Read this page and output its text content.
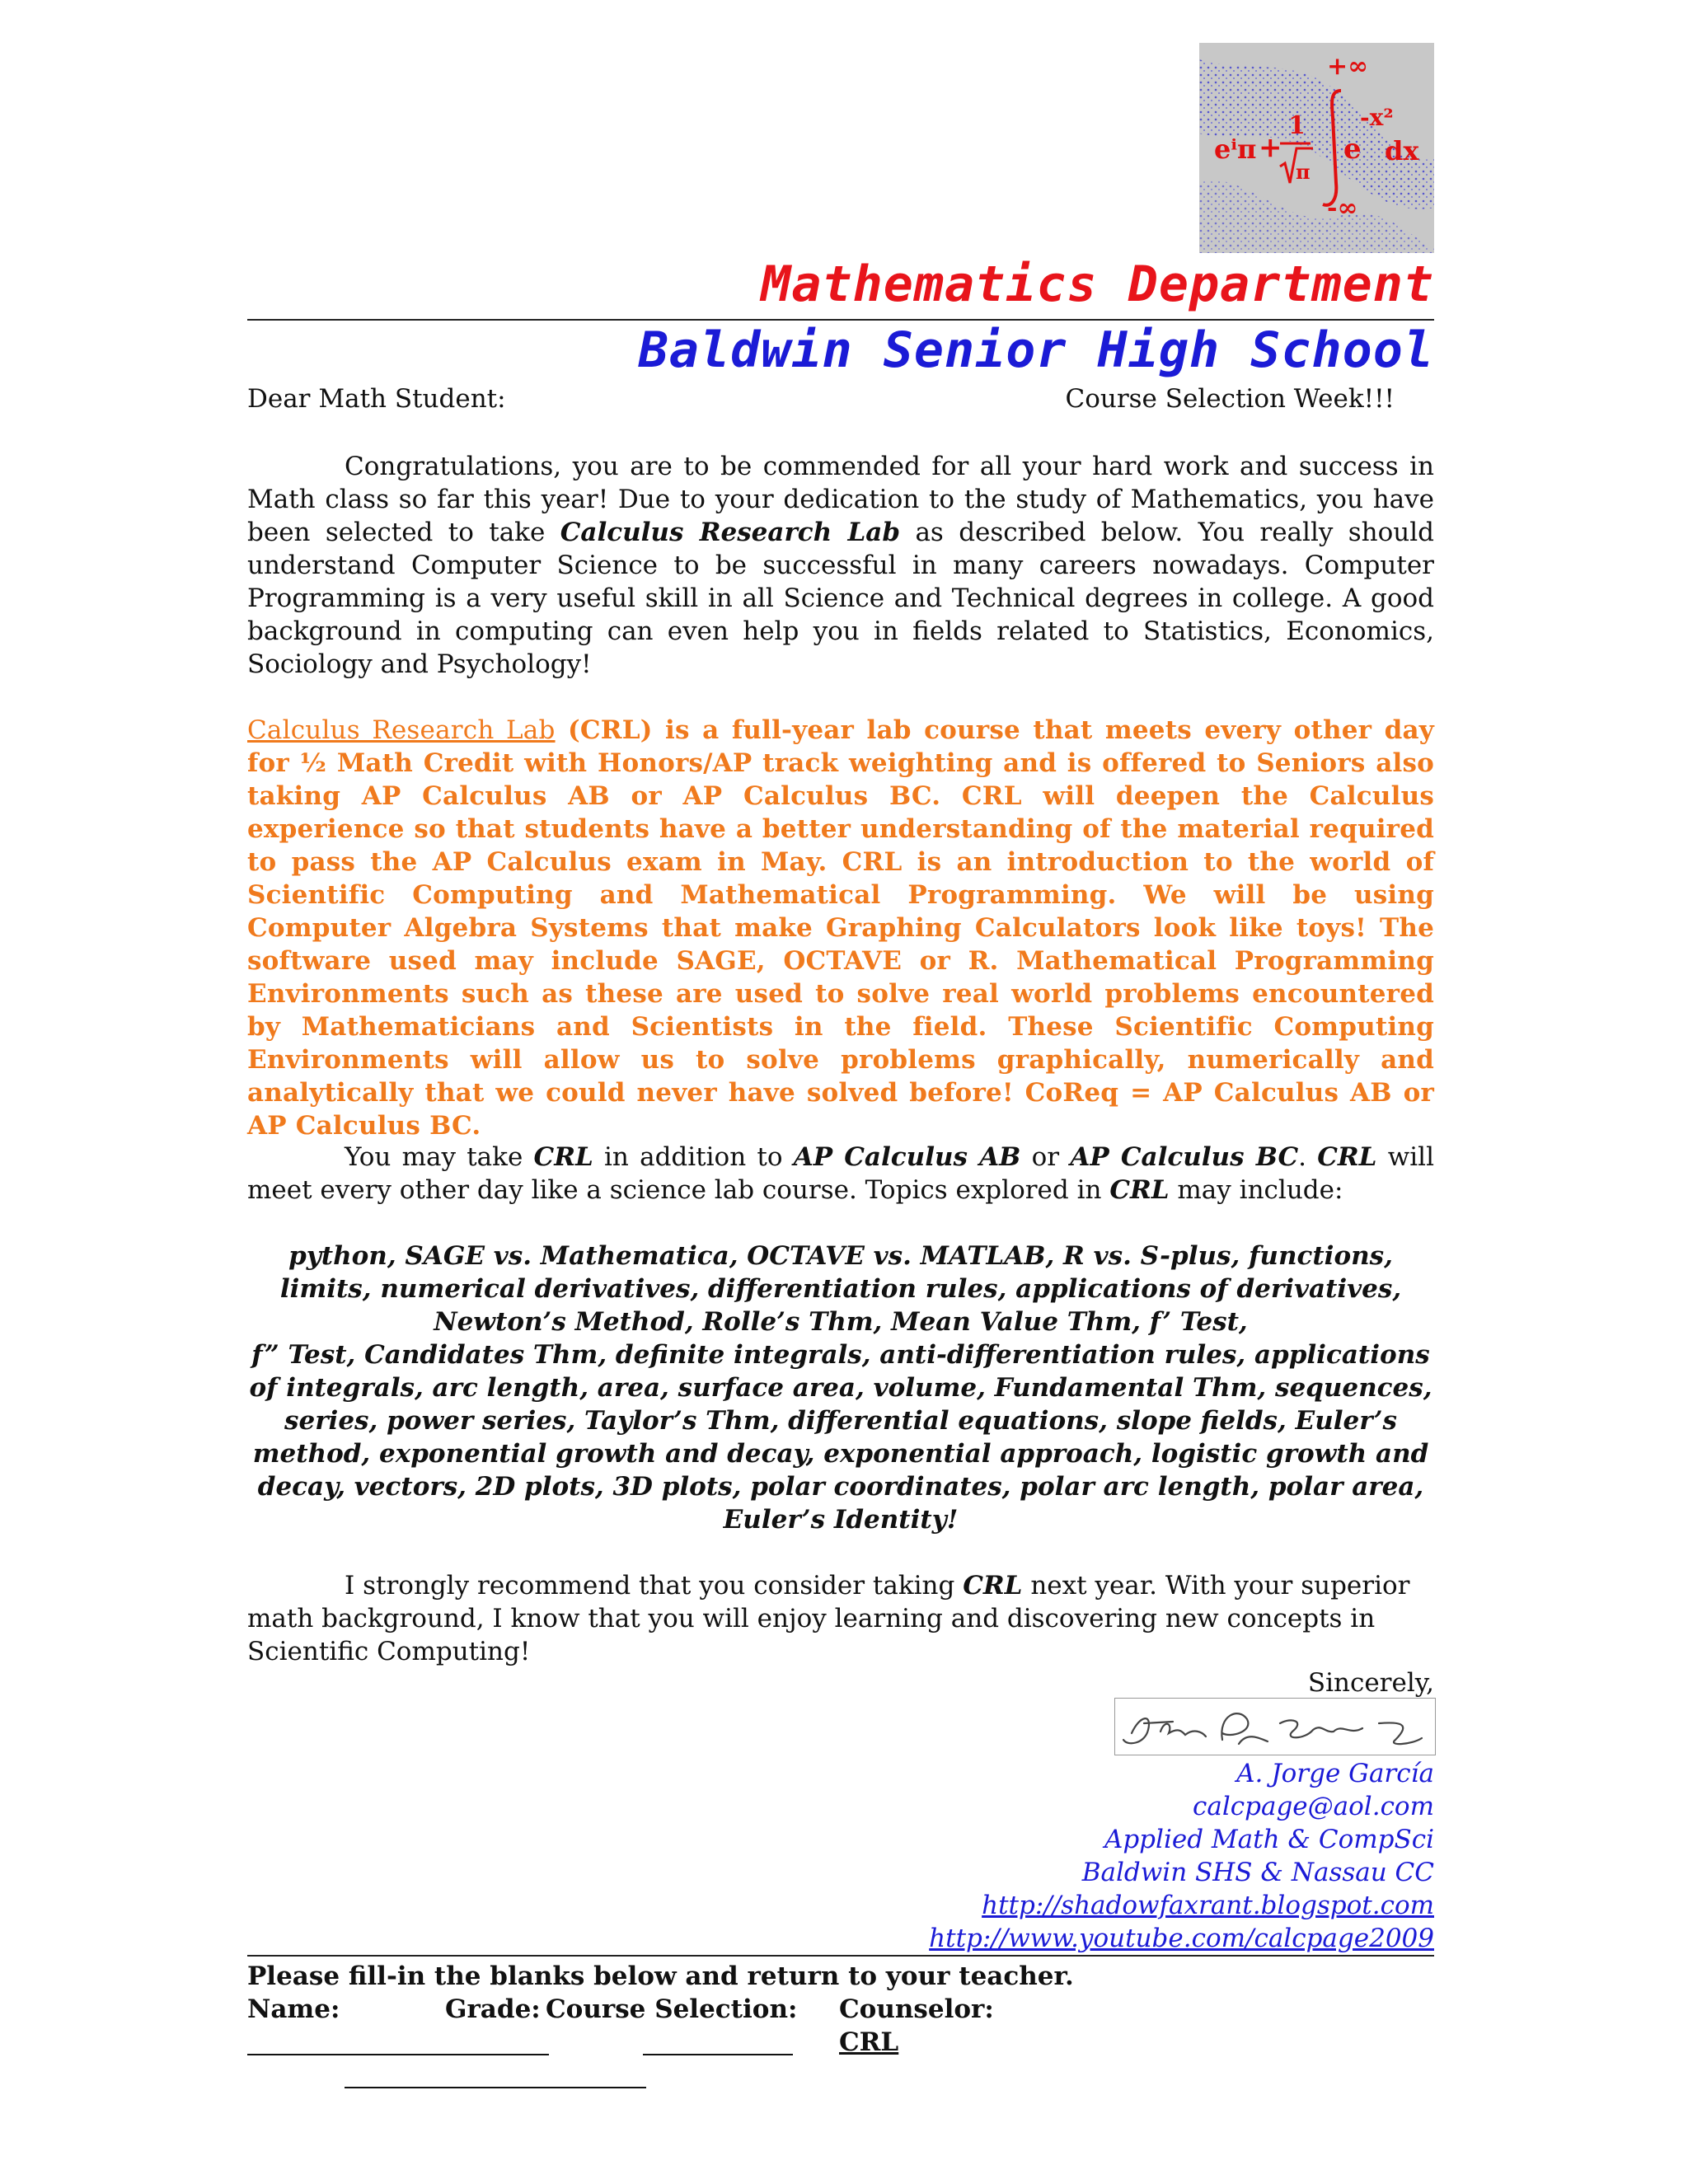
+∞
eⁱπ +
1
π
e
-x²
dx
-∞
Mathematics Department
Baldwin Senior High School
Dear Math Student:	Course Selection Week!!!
Congratulations, you are to be commended for all your hard work and success in Math class so far this year! Due to your dedication to the study of Mathematics, you have been selected to take Calculus Research Lab as described below. You really should understand Computer Science to be successful in many careers nowadays. Computer Programming is a very useful skill in all Science and Technical degrees in college. A good background in computing can even help you in fields related to Statistics, Economics, Sociology and Psychology!
Calculus Research Lab (CRL) is a full-year lab course that meets every other day for ½ Math Credit with Honors/AP track weighting and is offered to Seniors also taking AP Calculus AB or AP Calculus BC. CRL will deepen the Calculus experience so that students have a better understanding of the material required to pass the AP Calculus exam in May. CRL is an introduction to the world of Scientific Computing and Mathematical Programming. We will be using Computer Algebra Systems that make Graphing Calculators look like toys! The software used may include SAGE, OCTAVE or R. Mathematical Programming Environments such as these are used to solve real world problems encountered by Mathematicians and Scientists in the field. These Scientific Computing Environments will allow us to solve problems graphically, numerically and analytically that we could never have solved before! CoReq = AP Calculus AB or AP Calculus BC.
You may take CRL in addition to AP Calculus AB or AP Calculus BC. CRL will meet every other day like a science lab course. Topics explored in CRL may include:
python, SAGE vs. Mathematica, OCTAVE vs. MATLAB, R vs. S-plus, functions,
limits, numerical derivatives, differentiation rules, applications of derivatives,
Newton’s Method, Rolle’s Thm, Mean Value Thm, f’ Test,
f” Test, Candidates Thm, definite integrals, anti-differentiation rules, applications
of integrals, arc length, area, surface area, volume, Fundamental Thm, sequences,
series, power series, Taylor’s Thm, differential equations, slope fields, Euler’s
method, exponential growth and decay, exponential approach, logistic growth and
decay, vectors, 2D plots, 3D plots, polar coordinates, polar arc length, polar area,
Euler’s Identity!
I strongly recommend that you consider taking CRL next year. With your superior math background, I know that you will enjoy learning and discovering new concepts in Scientific Computing!
Sincerely,
A. Jorge García
calcpage@aol.com
Applied Math & CompSci
Baldwin SHS & Nassau CC
http://shadowfaxrant.blogspot.com
http://www.youtube.com/calcpage2009
Please fill-in the blanks below and return to your teacher.
Name:	Grade: Course Selection: Counselor:
CRL
